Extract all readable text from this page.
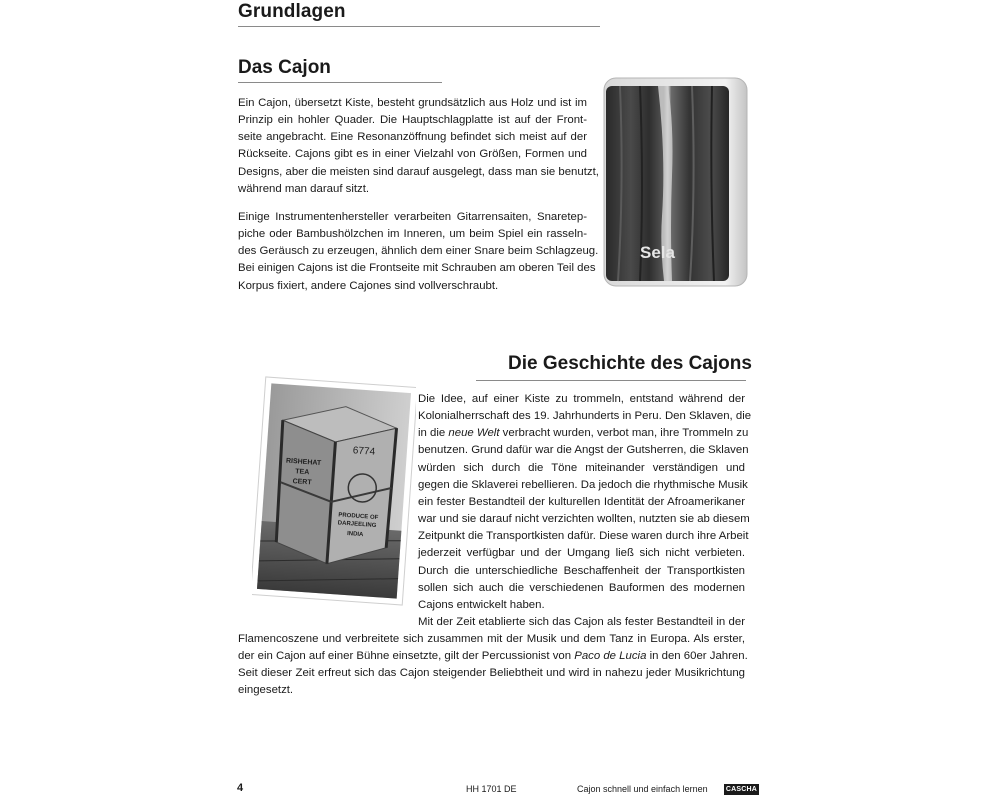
Grundlagen
Das Cajon
Ein Cajon, übersetzt Kiste, besteht grundsätzlich aus Holz und ist im
Prinzip ein hohler Quader. Die Hauptschlagplatte ist auf der Front-
seite angebracht. Eine Resonanzöffnung befindet sich meist auf der
Rückseite. Cajons gibt es in einer Vielzahl von Größen, Formen und
Designs, aber die meisten sind darauf ausgelegt, dass man sie benutzt,
während man darauf sitzt.
Einige Instrumentenhersteller verarbeiten Gitarrensaiten, Snaretep-
piche oder Bambushölzchen im Inneren, um beim Spiel ein rasseln-
des Geräusch zu erzeugen, ähnlich dem einer Snare beim Schlagzeug.
Bei einigen Cajons ist die Frontseite mit Schrauben am oberen Teil des
Korpus fixiert, andere Cajones sind vollverschraubt.
Sela
Die Geschichte des Cajons
6774
RISHEHAT
TEA
CERT
PRODUCE OF
DARJEELING
INDIA
Die Idee, auf einer Kiste zu trommeln, entstand während der
Kolonialherrschaft des 19. Jahrhunderts in Peru. Den Sklaven, die
in die neue Welt verbracht wurden, verbot man, ihre Trommeln zu
benutzen. Grund dafür war die Angst der Gutsherren, die Sklaven
würden sich durch die Töne miteinander verständigen und
gegen die Sklaverei rebellieren. Da jedoch die rhythmische Musik
ein fester Bestandteil der kulturellen Identität der Afroamerikaner
war und sie darauf nicht verzichten wollten, nutzten sie ab diesem
Zeitpunkt die Transportkisten dafür. Diese waren durch ihre Arbeit
jederzeit verfügbar und der Umgang ließ sich nicht verbieten.
Durch die unterschiedliche Beschaffenheit der Transportkisten
sollen sich auch die verschiedenen Bauformen des modernen
Cajons entwickelt haben.
Mit der Zeit etablierte sich das Cajon als fester Bestandteil in der
Flamencoszene und verbreitete sich zusammen mit der Musik und dem Tanz in Europa. Als erster,
der ein Cajon auf einer Bühne einsetzte, gilt der Percussionist von Paco de Lucia in den 60er Jahren.
Seit dieser Zeit erfreut sich das Cajon steigender Beliebtheit und wird in nahezu jeder Musikrichtung
eingesetzt.
4	HH 1701 DE	Cajon schnell und einfach lernen	CASCHA
